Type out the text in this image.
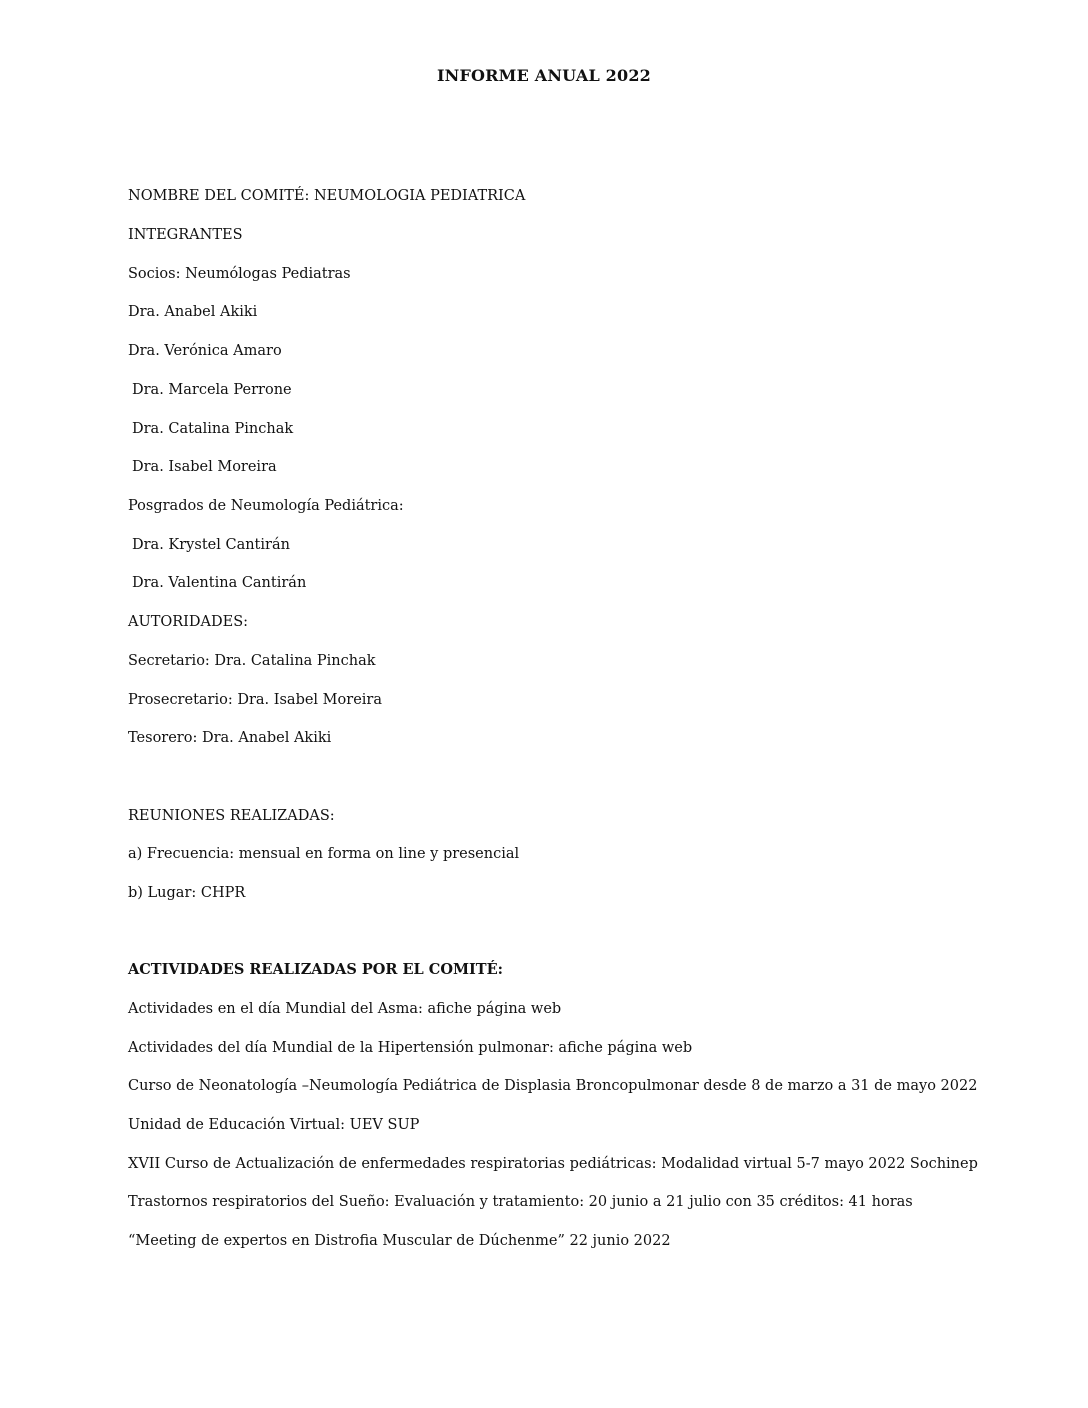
INFORME ANUAL 2022
NOMBRE DEL COMITÉ: NEUMOLOGIA PEDIATRICA
INTEGRANTES
Socios: Neumólogas Pediatras
Dra. Anabel Akiki
Dra. Verónica Amaro
Dra. Marcela Perrone
Dra. Catalina Pinchak
Dra. Isabel Moreira
Posgrados de Neumología Pediátrica:
Dra. Krystel Cantirán
Dra. Valentina Cantirán
AUTORIDADES:
Secretario: Dra. Catalina Pinchak
Prosecretario: Dra. Isabel Moreira
Tesorero: Dra. Anabel Akiki
REUNIONES REALIZADAS:
a) Frecuencia: mensual en forma on line y presencial
b) Lugar: CHPR
ACTIVIDADES REALIZADAS POR EL COMITÉ:
Actividades en el día Mundial del Asma: afiche página web
Actividades del día Mundial de la Hipertensión pulmonar: afiche página web
Curso de Neonatología –Neumología Pediátrica de Displasia Broncopulmonar desde 8 de marzo a 31 de mayo 2022
Unidad de Educación Virtual: UEV SUP
XVII Curso de Actualización de enfermedades respiratorias pediátricas: Modalidad virtual 5-7 mayo 2022 Sochinep
Trastornos respiratorios del Sueño: Evaluación y tratamiento: 20 junio a 21 julio con 35 créditos: 41 horas
“Meeting de expertos en Distrofia Muscular de Dúchenme” 22 junio 2022
